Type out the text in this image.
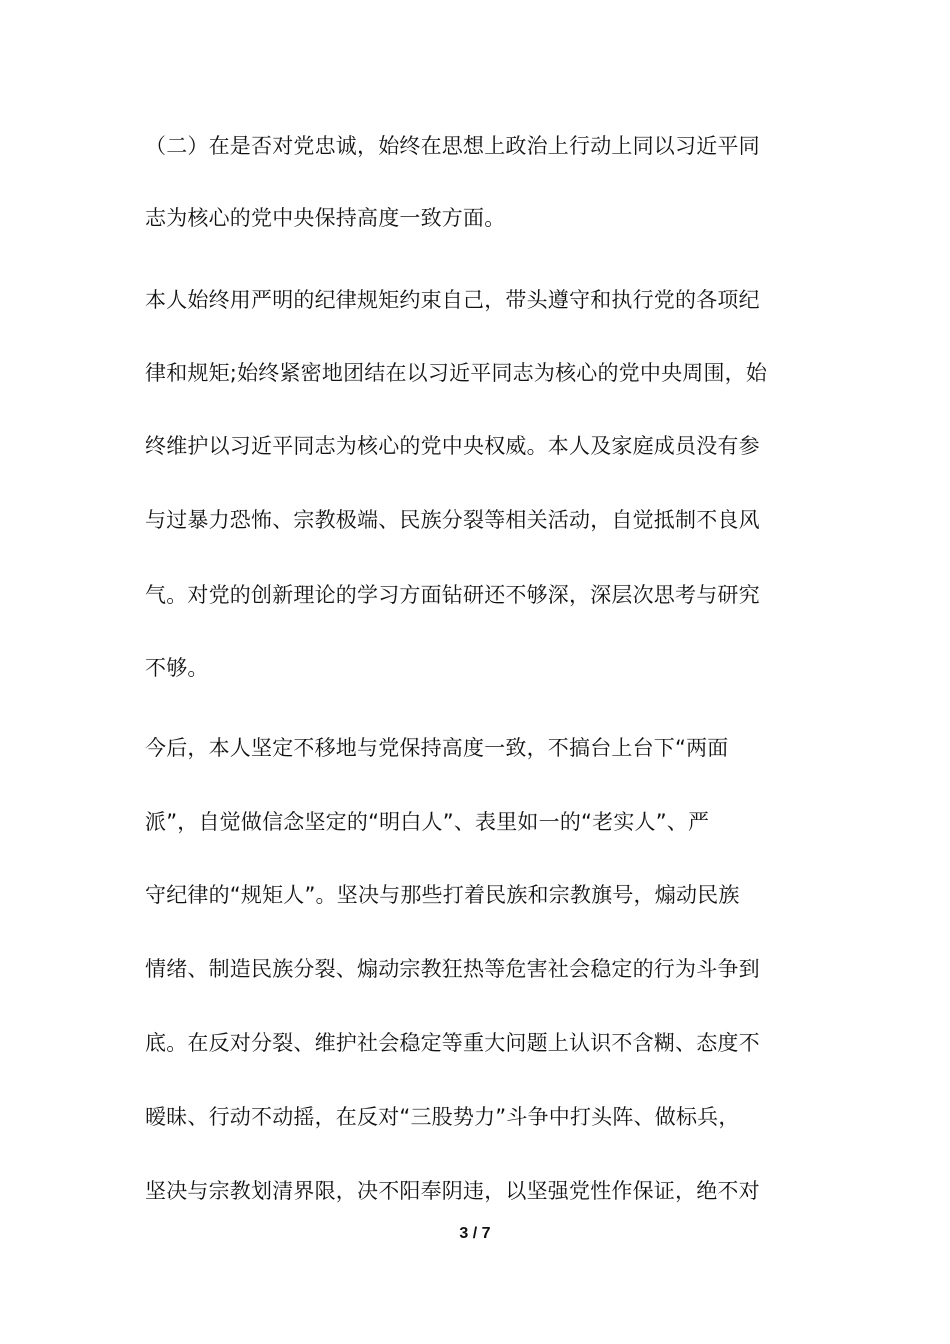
（二）在是否对党忠诚，始终在思想上政治上行动上同以习近平同
志为核心的党中央保持高度一致方面。
本人始终用严明的纪律规矩约束自己，带头遵守和执行党的各项纪
律和规矩;始终紧密地团结在以习近平同志为核心的党中央周围，始
终维护以习近平同志为核心的党中央权威。本人及家庭成员没有参
与过暴力恐怖、宗教极端、民族分裂等相关活动，自觉抵制不良风
气。对党的创新理论的学习方面钻研还不够深，深层次思考与研究
不够。
今后，本人坚定不移地与党保持高度一致，不搞台上台下“两面
派”，自觉做信念坚定的“明白人”、表里如一的“老实人”、严
守纪律的“规矩人”。坚决与那些打着民族和宗教旗号，煽动民族
情绪、制造民族分裂、煽动宗教狂热等危害社会稳定的行为斗争到
底。在反对分裂、维护社会稳定等重大问题上认识不含糊、态度不
暧昧、行动不动摇，在反对“三股势力”斗争中打头阵、做标兵，
坚决与宗教划清界限，决不阳奉阴违，以坚强党性作保证，绝不对
3 / 7
